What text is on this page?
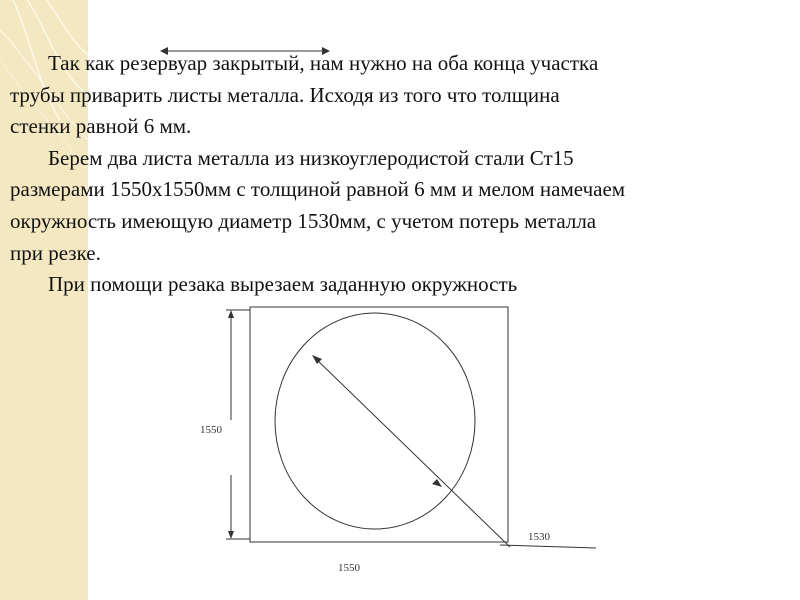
Так как резервуар закрытый, нам нужно на оба конца участка
трубы приварить листы металла. Исходя из того что толщина
стенки равной 6 мм.
Берем два листа металла из низкоуглеродистой стали Ст15
размерами 1550х1550мм с толщиной равной 6 мм и мелом намечаем
окружность имеющую диаметр 1530мм, с учетом потерь металла
при резке.
При помощи резака вырезаем заданную окружность
1550
1550
1530
